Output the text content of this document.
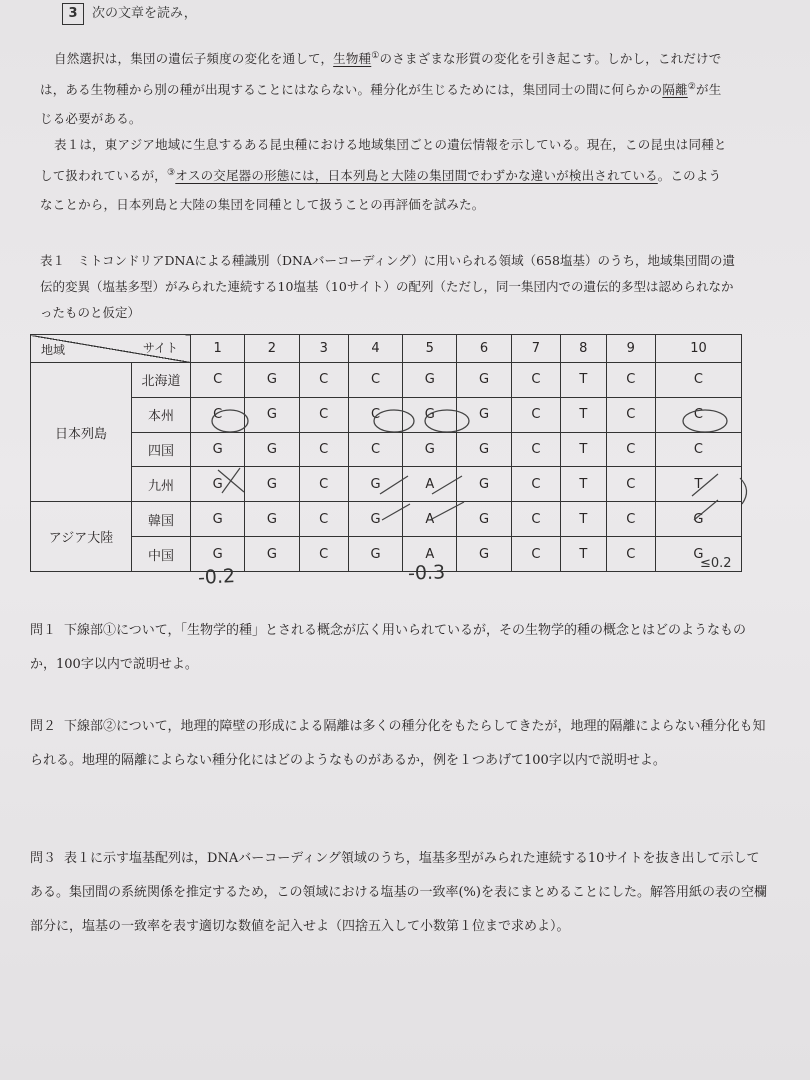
3 次の文章を読み，
自然選択は，集団の遺伝子頻度の変化を通して，生物種①のさまざまな形質の変化を引き起こす。しかし，これだけでは，ある生物種から別の種が出現することにはならない。種分化が生じるためには，集団同士の間に何らかの隔離②が生じる必要がある。
表１は，東アジア地域に生息するある昆虫種における地域集団ごとの遺伝情報を示している。現在，この昆虫は同種として扱われているが，③オスの交尾器の形態には，日本列島と大陸の集団間でわずかな違いが検出されている。このようなことから，日本列島と大陸の集団を同種として扱うことの再評価を試みた。
表１　ミトコンドリアDNAによる種識別（DNAバーコーディング）に用いられる領域（658塩基）のうち，地域集団間の遺伝的変異（塩基多型）がみられた連続する10塩基（10サイト）の配列（ただし，同一集団内での遺伝的多型は認められなかったものと仮定）
サイト
地域		1	2	3	4	5	6	7	8	9	10
日本列島	北海道	C	G	C	C	G	G	C	T	C	C
	本州	C	G	C	C	G	G	C	T	C	C
	四国	G	G	C	C	G	G	C	T	C	C
	九州	G	G	C	G	A	G	C	T	C	T
アジア大陸	韓国	G	G	C	G	A	G	C	T	C	G
	中国	G	G	C	G	A	G	C	T	C	G
-0.2	-0.3	≤0.2
問１ 下線部①について，「生物学的種」とされる概念が広く用いられているが，その生物学的種の概念とはどのようなものか，100字以内で説明せよ。
問２ 下線部②について，地理的障壁の形成による隔離は多くの種分化をもたらしてきたが，地理的隔離によらない種分化も知られる。地理的隔離によらない種分化にはどのようなものがあるか，例を１つあげて100字以内で説明せよ。
問３ 表１に示す塩基配列は，DNAバーコーディング領域のうち，塩基多型がみられた連続する10サイトを抜き出して示してある。集団間の系統関係を推定するため，この領域における塩基の一致率(%)を表にまとめることにした。解答用紙の表の空欄部分に，塩基の一致率を表す適切な数値を記入せよ（四捨五入して小数第１位まで求めよ）。
